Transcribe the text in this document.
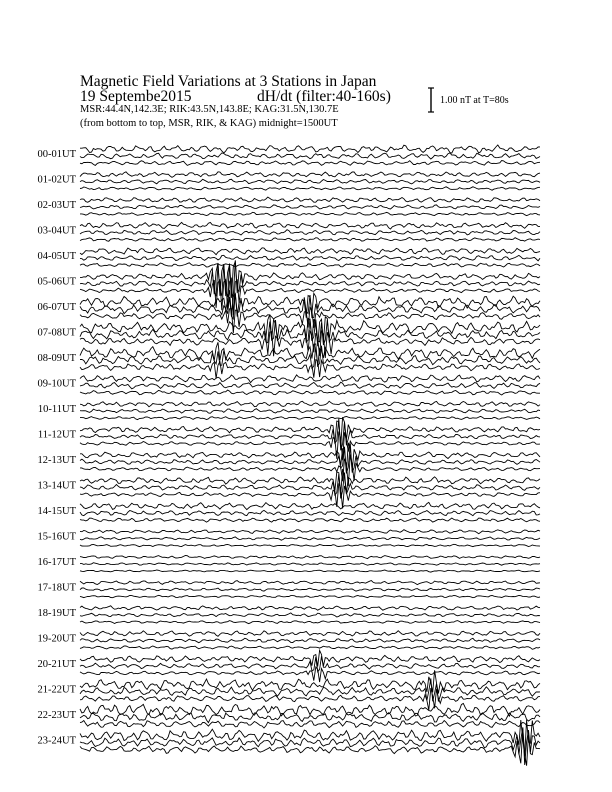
Magnetic Field Variations at 3 Stations in Japan
19 Septembe2015	dH/dt (filter:40-160s)
MSR:44.4N,142.3E; RIK:43.5N,143.8E; KAG:31.5N,130.7E
(from bottom to top, MSR, RIK, & KAG) midnight=1500UT
1.00 nT at T=80s
00-01UT
01-02UT
02-03UT
03-04UT
04-05UT
05-06UT
06-07UT
07-08UT
08-09UT
09-10UT
10-11UT
11-12UT
12-13UT
13-14UT
14-15UT
15-16UT
16-17UT
17-18UT
18-19UT
19-20UT
20-21UT
21-22UT
22-23UT
23-24UT
